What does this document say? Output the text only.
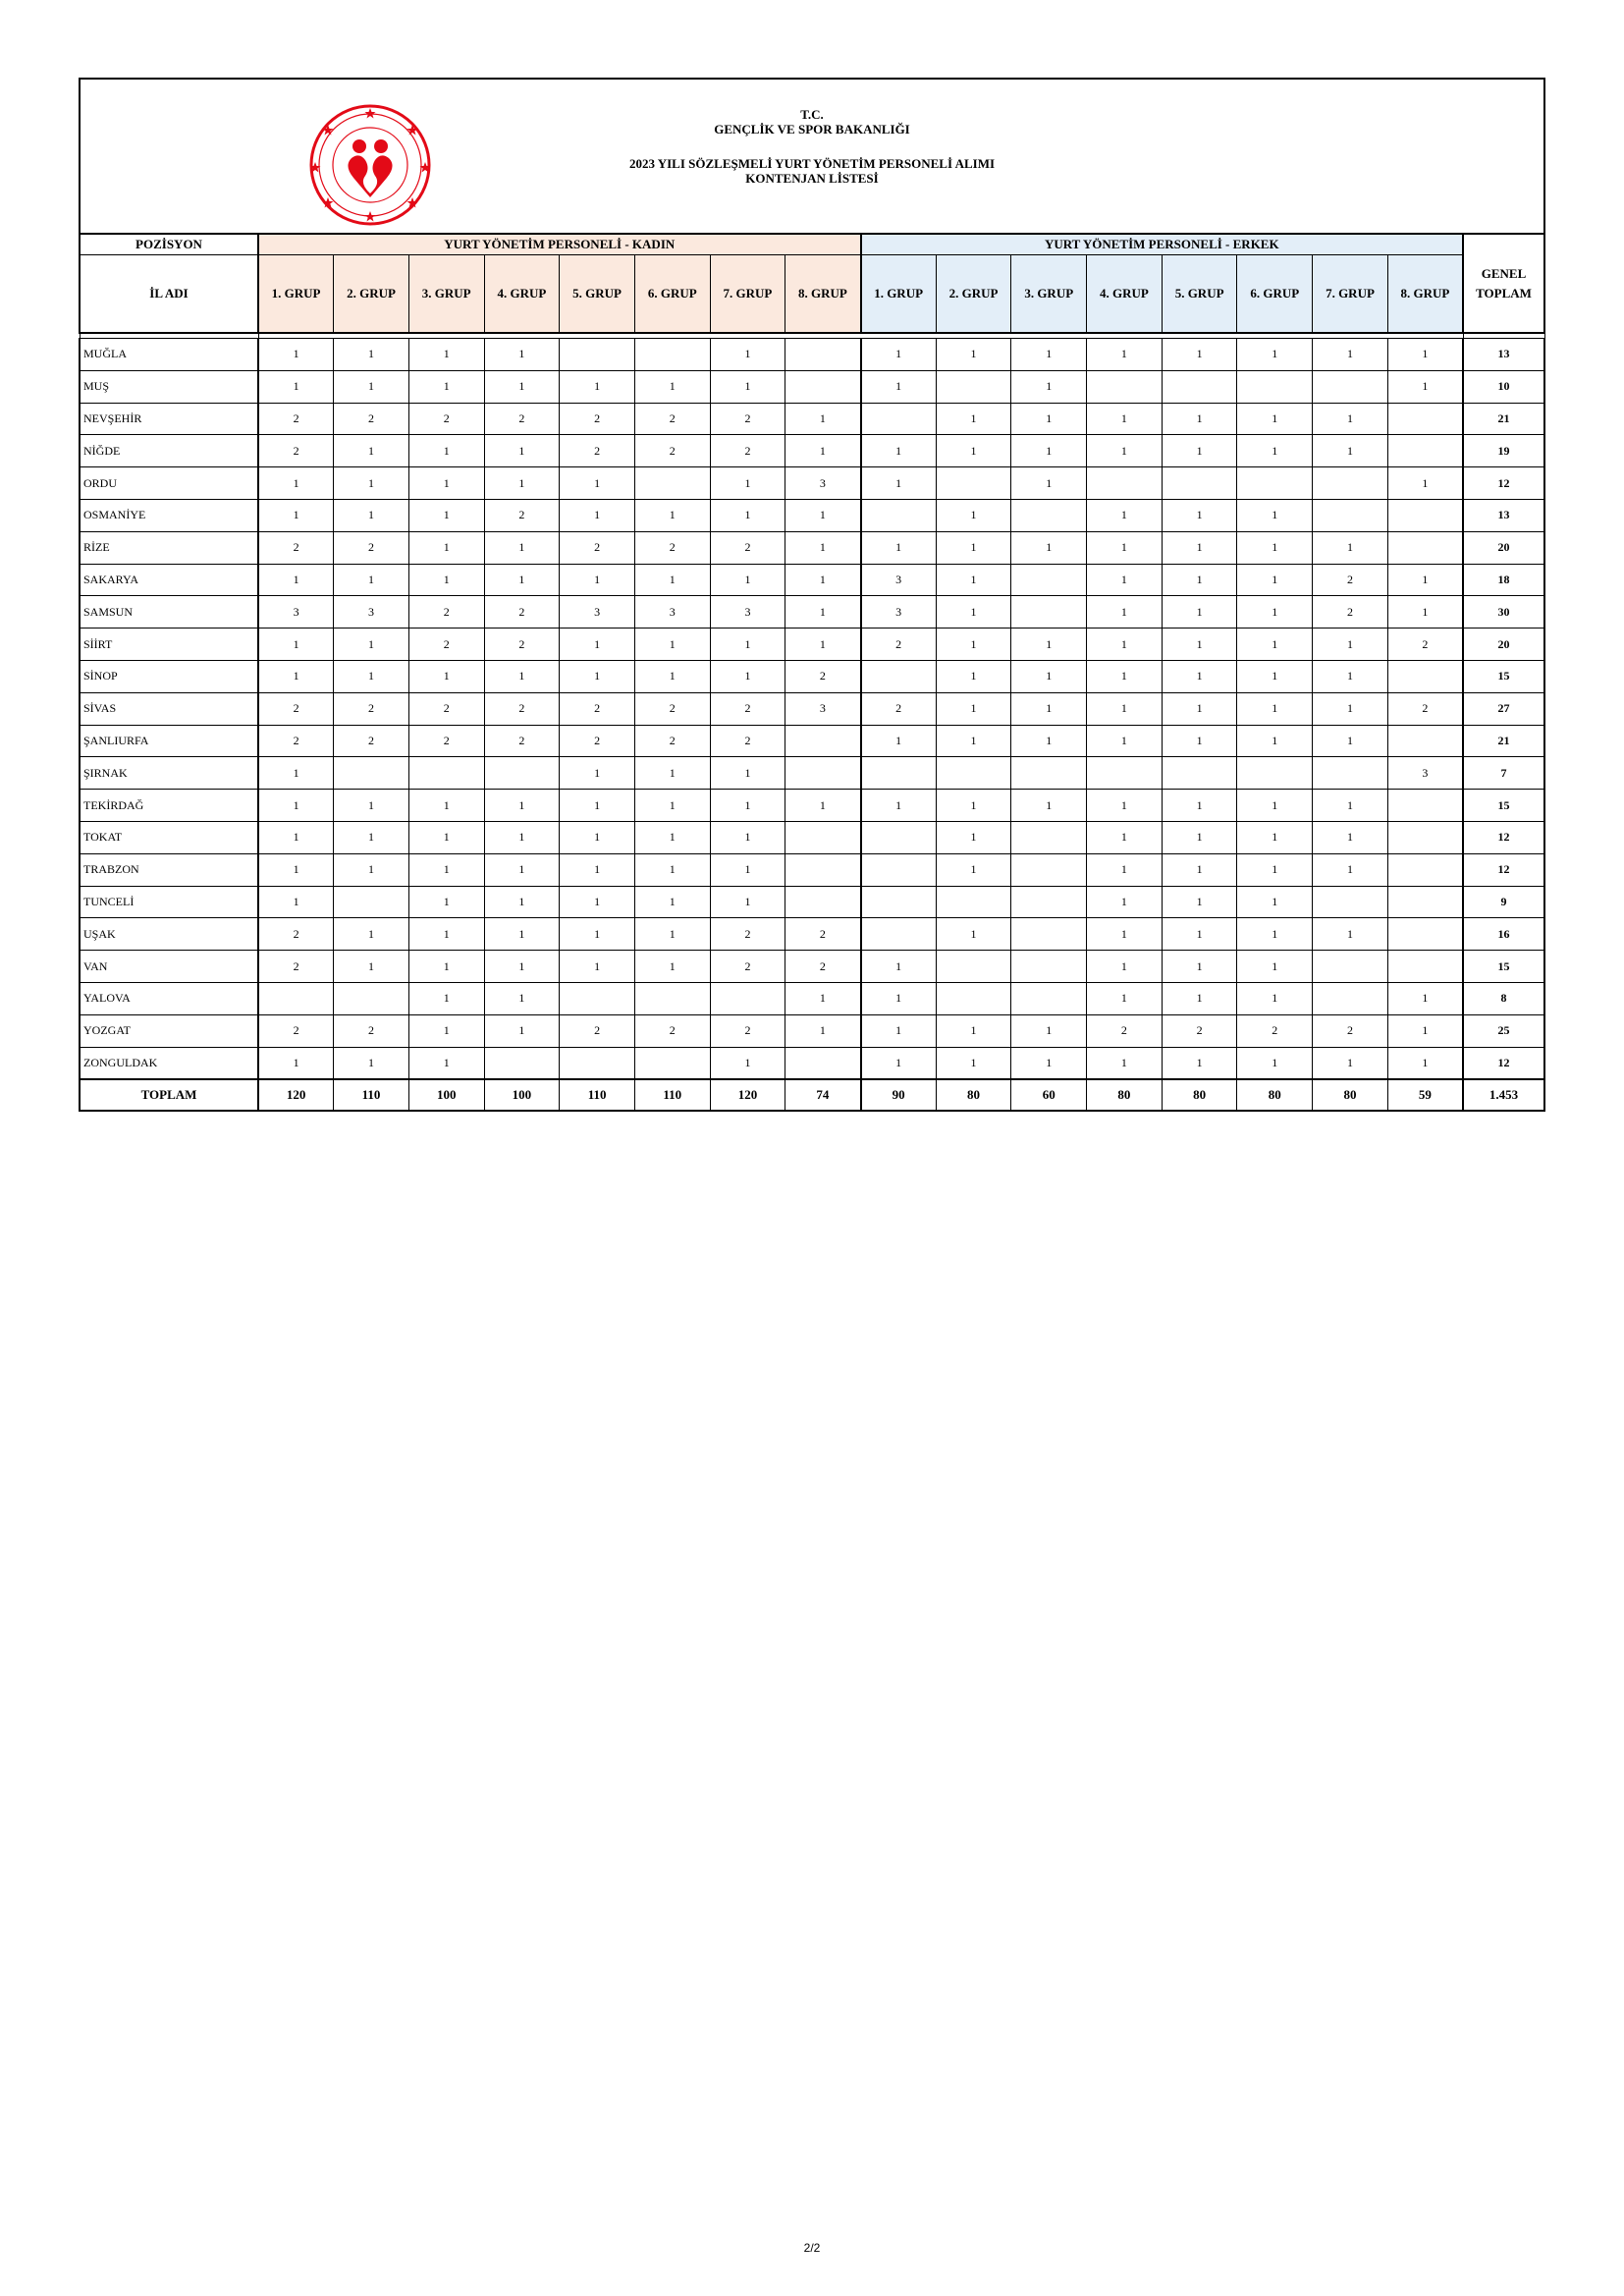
T.C.
GENÇLİK VE SPOR BAKANLIĞI
2023 YILI SÖZLEŞMELİ YURT YÖNETİM PERSONELİ ALIMI
KONTENJAN LİSTESİ
POZİSYON	YURT YÖNETİM PERSONELİ - KADIN								YURT YÖNETİM PERSONELİ - ERKEK								GENEL
TOPLAM
İL ADI	1. GRUP	2. GRUP	3. GRUP	4. GRUP	5. GRUP	6. GRUP	7. GRUP	8. GRUP	1. GRUP	2. GRUP	3. GRUP	4. GRUP	5. GRUP	6. GRUP	7. GRUP	8. GRUP	

MUĞLA	1	1	1	1			1		1	1	1	1	1	1	1	1	13
MUŞ	1	1	1	1	1	1	1		1		1					1	10
NEVŞEHİR	2	2	2	2	2	2	2	1		1	1	1	1	1	1		21
NİĞDE	2	1	1	1	2	2	2	1	1	1	1	1	1	1	1		19
ORDU	1	1	1	1	1		1	3	1		1					1	12
OSMANİYE	1	1	1	2	1	1	1	1		1		1	1	1			13
RİZE	2	2	1	1	2	2	2	1	1	1	1	1	1	1	1		20
SAKARYA	1	1	1	1	1	1	1	1	3	1		1	1	1	2	1	18
SAMSUN	3	3	2	2	3	3	3	1	3	1		1	1	1	2	1	30
SİİRT	1	1	2	2	1	1	1	1	2	1	1	1	1	1	1	2	20
SİNOP	1	1	1	1	1	1	1	2		1	1	1	1	1	1		15
SİVAS	2	2	2	2	2	2	2	3	2	1	1	1	1	1	1	2	27
ŞANLIURFA	2	2	2	2	2	2	2		1	1	1	1	1	1	1		21
ŞIRNAK	1				1	1	1									3	7
TEKİRDAĞ	1	1	1	1	1	1	1	1	1	1	1	1	1	1	1		15
TOKAT	1	1	1	1	1	1	1			1		1	1	1	1		12
TRABZON	1	1	1	1	1	1	1			1		1	1	1	1		12
TUNCELİ	1		1	1	1	1	1					1	1	1			9
UŞAK	2	1	1	1	1	1	2	2		1		1	1	1	1		16
VAN	2	1	1	1	1	1	2	2	1			1	1	1			15
YALOVA			1	1				1	1			1	1	1		1	8
YOZGAT	2	2	1	1	2	2	2	1	1	1	1	2	2	2	2	1	25
ZONGULDAK	1	1	1				1		1	1	1	1	1	1	1	1	12
TOPLAM	120	110	100	100	110	110	120	74	90	80	60	80	80	80	80	59	1.453
2/2
